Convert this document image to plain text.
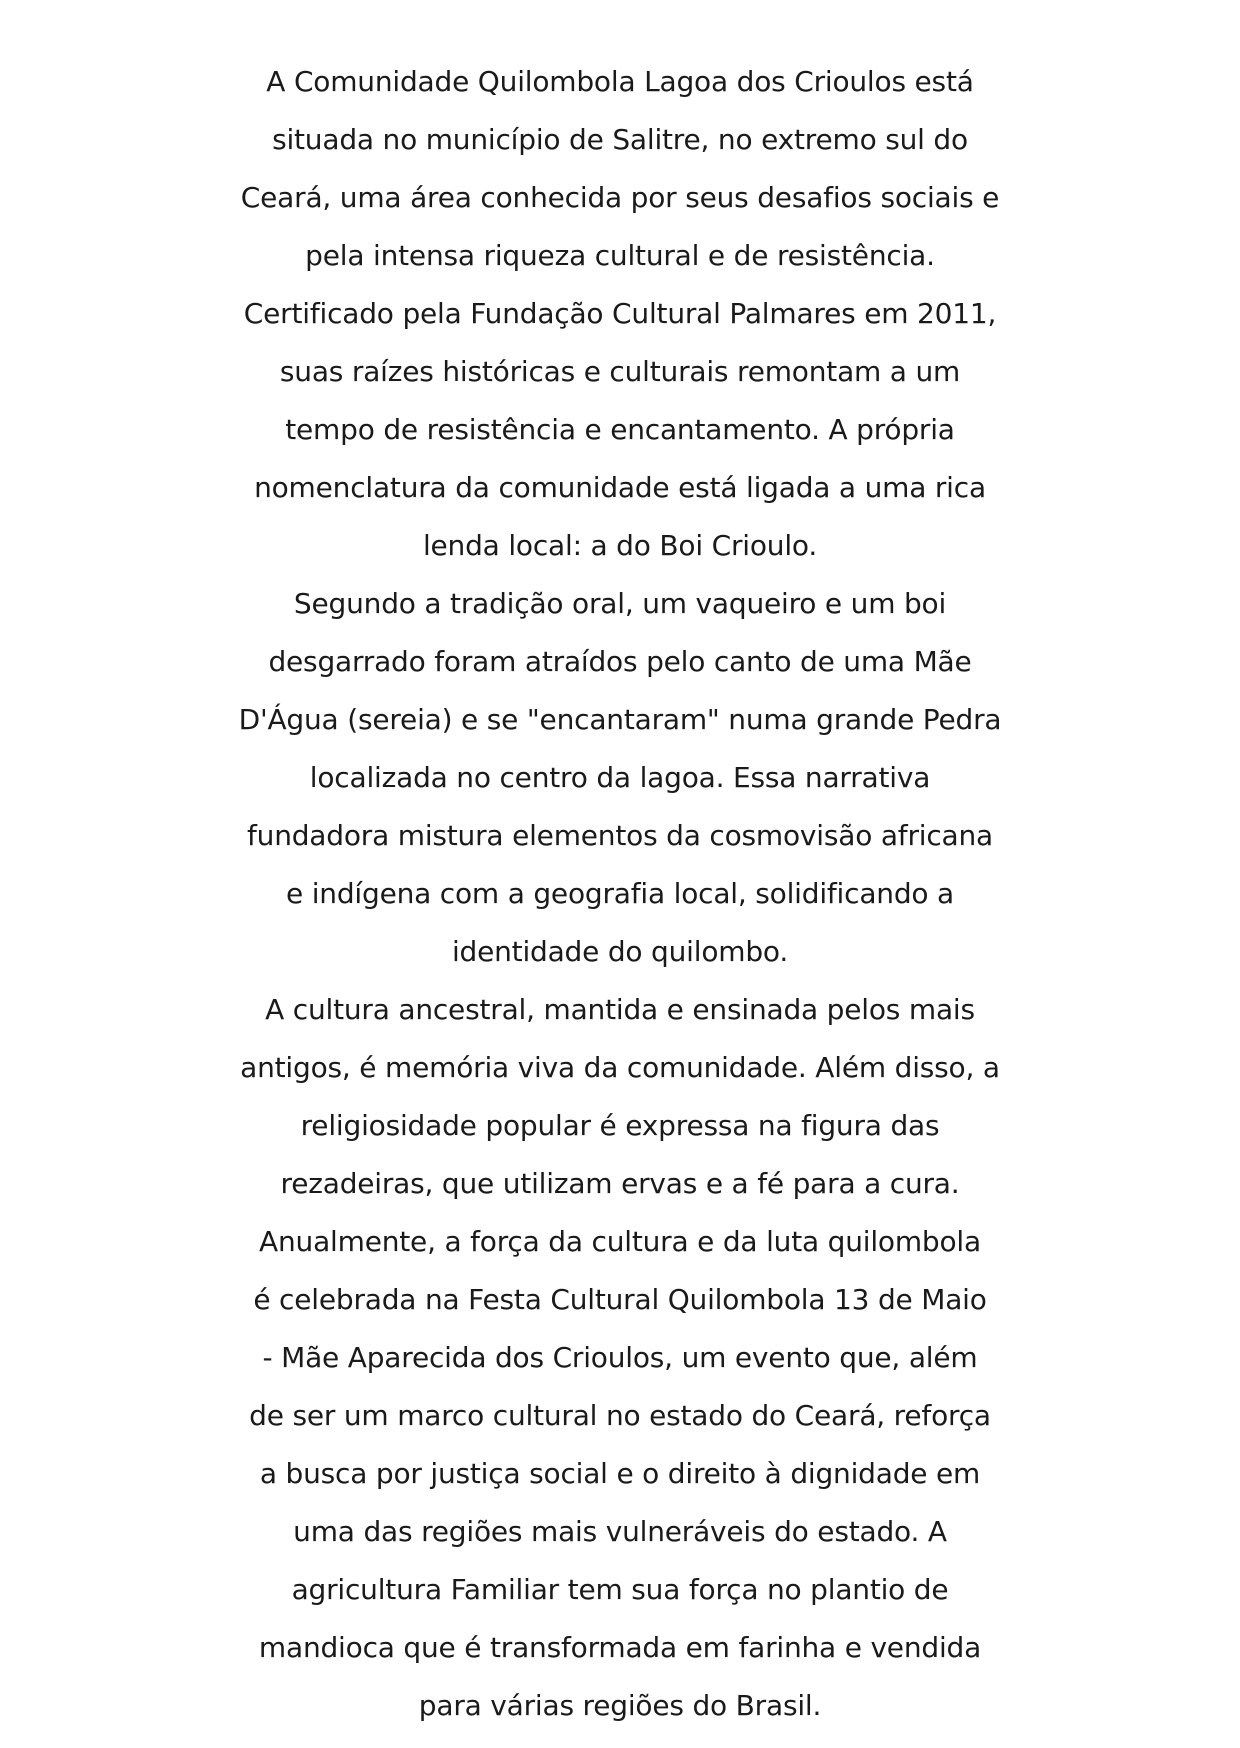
A Comunidade Quilombola Lagoa dos Crioulos está
situada no município de Salitre, no extremo sul do
Ceará, uma área conhecida por seus desafios sociais e
pela intensa riqueza cultural e de resistência.
Certificado pela Fundação Cultural Palmares em 2011,
suas raízes históricas e culturais remontam a um
tempo de resistência e encantamento. A própria
nomenclatura da comunidade está ligada a uma rica
lenda local: a do Boi Crioulo.
Segundo a tradição oral, um vaqueiro e um boi
desgarrado foram atraídos pelo canto de uma Mãe
D'Água (sereia) e se "encantaram" numa grande Pedra
localizada no centro da lagoa. Essa narrativa
fundadora mistura elementos da cosmovisão africana
e indígena com a geografia local, solidificando a
identidade do quilombo.
A cultura ancestral, mantida e ensinada pelos mais
antigos, é memória viva da comunidade. Além disso, a
religiosidade popular é expressa na figura das
rezadeiras, que utilizam ervas e a fé para a cura.
Anualmente, a força da cultura e da luta quilombola
é celebrada na Festa Cultural Quilombola 13 de Maio
- Mãe Aparecida dos Crioulos, um evento que, além
de ser um marco cultural no estado do Ceará, reforça
a busca por justiça social e o direito à dignidade em
uma das regiões mais vulneráveis do estado. A
agricultura Familiar tem sua força no plantio de
mandioca que é transformada em farinha e vendida
para várias regiões do Brasil.
